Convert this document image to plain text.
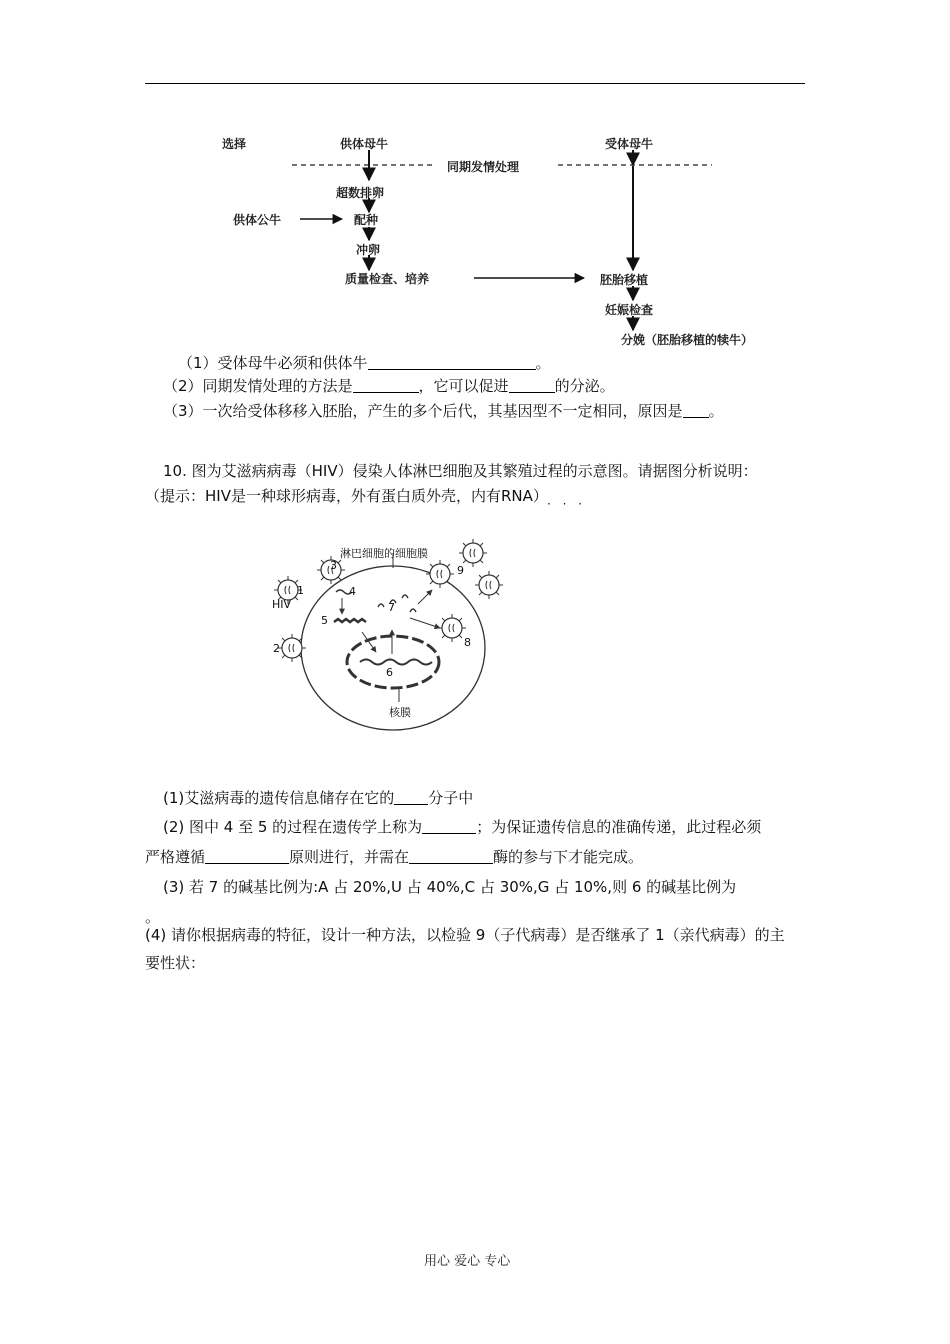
选择	供体母牛	受体母牛
同期发情处理
超数排卵
供体公牛	配种
冲卵
质量检查、培养	胚胎移植
妊娠检查
分娩（胚胎移植的犊牛）
（1）受体母牛必须和供体牛	。
（2）同期发情处理的方法是	，它可以促进	的分泌。
（3）一次给受体移移入胚胎，产生的多个后代，其基因型不一定相同，原因是 。
10. 图为艾滋病病毒（HIV）侵染人体淋巴细胞及其繁殖过程的示意图。请据图分析说明：
（提示：HIV是一种球形病毒，外有蛋白质外壳，内有RNA） · · ·
淋巴细胞的细胞膜
核膜
HIV
1
2
3
4
5
6
7
8
9
(1)艾滋病毒的遗传信息储存在它的 分子中
(2) 图中 4 至 5 的过程在遗传学上称为	；为保证遗传信息的准确传递，此过程必须
严格遵循	原则进行，并需在	酶的参与下才能完成。
(3) 若 7 的碱基比例为:A 占 20%,U 占 40%,C 占 30%,G 占 10%,则 6 的碱基比例为
。
(4) 请你根据病毒的特征，设计一种方法，以检验 9（子代病毒）是否继承了 1（亲代病毒）的主
要性状：
用心 爱心 专心
